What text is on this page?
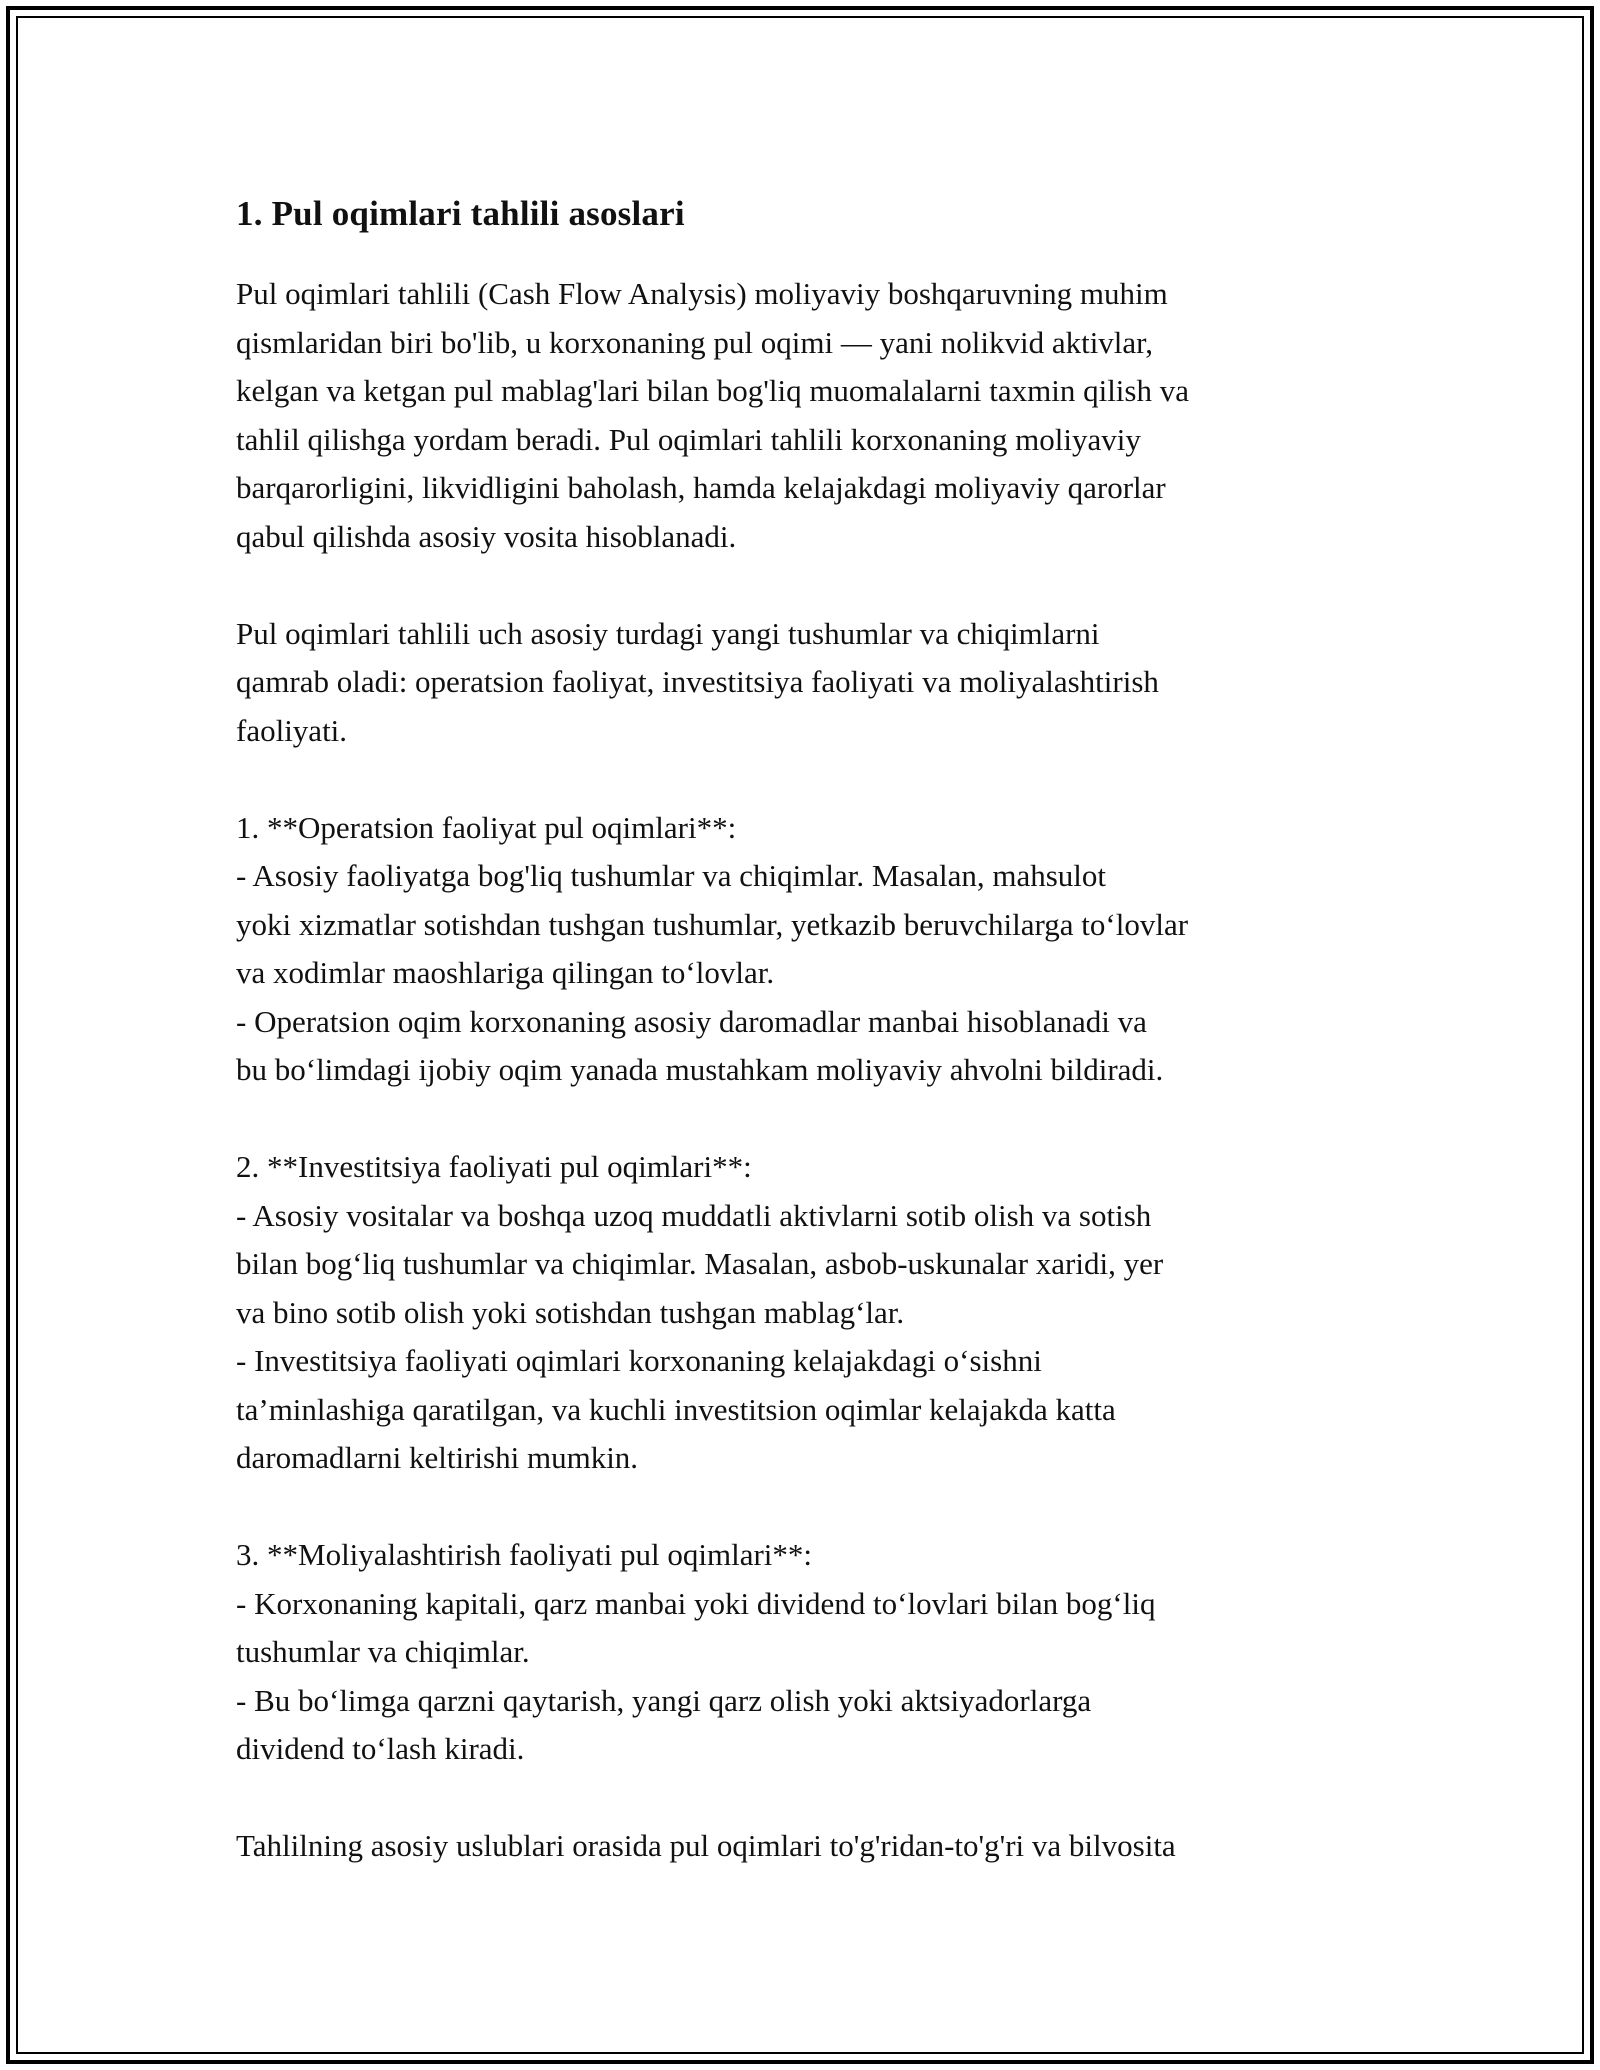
1. Pul oqimlari tahlili asoslari

Pul oqimlari tahlili (Cash Flow Analysis) moliyaviy boshqaruvning muhim
qismlaridan biri bo'lib, u korxonaning pul oqimi — yani nolikvid aktivlar,
kelgan va ketgan pul mablag'lari bilan bog'liq muomalalarni taxmin qilish va
tahlil qilishga yordam beradi. Pul oqimlari tahlili korxonaning moliyaviy
barqarorligini, likvidligini baholash, hamda kelajakdagi moliyaviy qarorlar
qabul qilishda asosiy vosita hisoblanadi.

Pul oqimlari tahlili uch asosiy turdagi yangi tushumlar va chiqimlarni
qamrab oladi: operatsion faoliyat, investitsiya faoliyati va moliyalashtirish
faoliyati.

1. **Operatsion faoliyat pul oqimlari**:
- Asosiy faoliyatga bog'liq tushumlar va chiqimlar. Masalan, mahsulot
yoki xizmatlar sotishdan tushgan tushumlar, yetkazib beruvchilarga to‘lovlar
va xodimlar maoshlariga qilingan to‘lovlar.
- Operatsion oqim korxonaning asosiy daromadlar manbai hisoblanadi va
bu bo‘limdagi ijobiy oqim yanada mustahkam moliyaviy ahvolni bildiradi.

2. **Investitsiya faoliyati pul oqimlari**:
- Asosiy vositalar va boshqa uzoq muddatli aktivlarni sotib olish va sotish
bilan bog‘liq tushumlar va chiqimlar. Masalan, asbob-uskunalar xaridi, yer
va bino sotib olish yoki sotishdan tushgan mablag‘lar.
- Investitsiya faoliyati oqimlari korxonaning kelajakdagi o‘sishni
ta’minlashiga qaratilgan, va kuchli investitsion oqimlar kelajakda katta
daromadlarni keltirishi mumkin.

3. **Moliyalashtirish faoliyati pul oqimlari**:
- Korxonaning kapitali, qarz manbai yoki dividend to‘lovlari bilan bog‘liq
tushumlar va chiqimlar.
- Bu bo‘limga qarzni qaytarish, yangi qarz olish yoki aktsiyadorlarga
dividend to‘lash kiradi.

Tahlilning asosiy uslublari orasida pul oqimlari to'g'ridan-to'g'ri va bilvosita
